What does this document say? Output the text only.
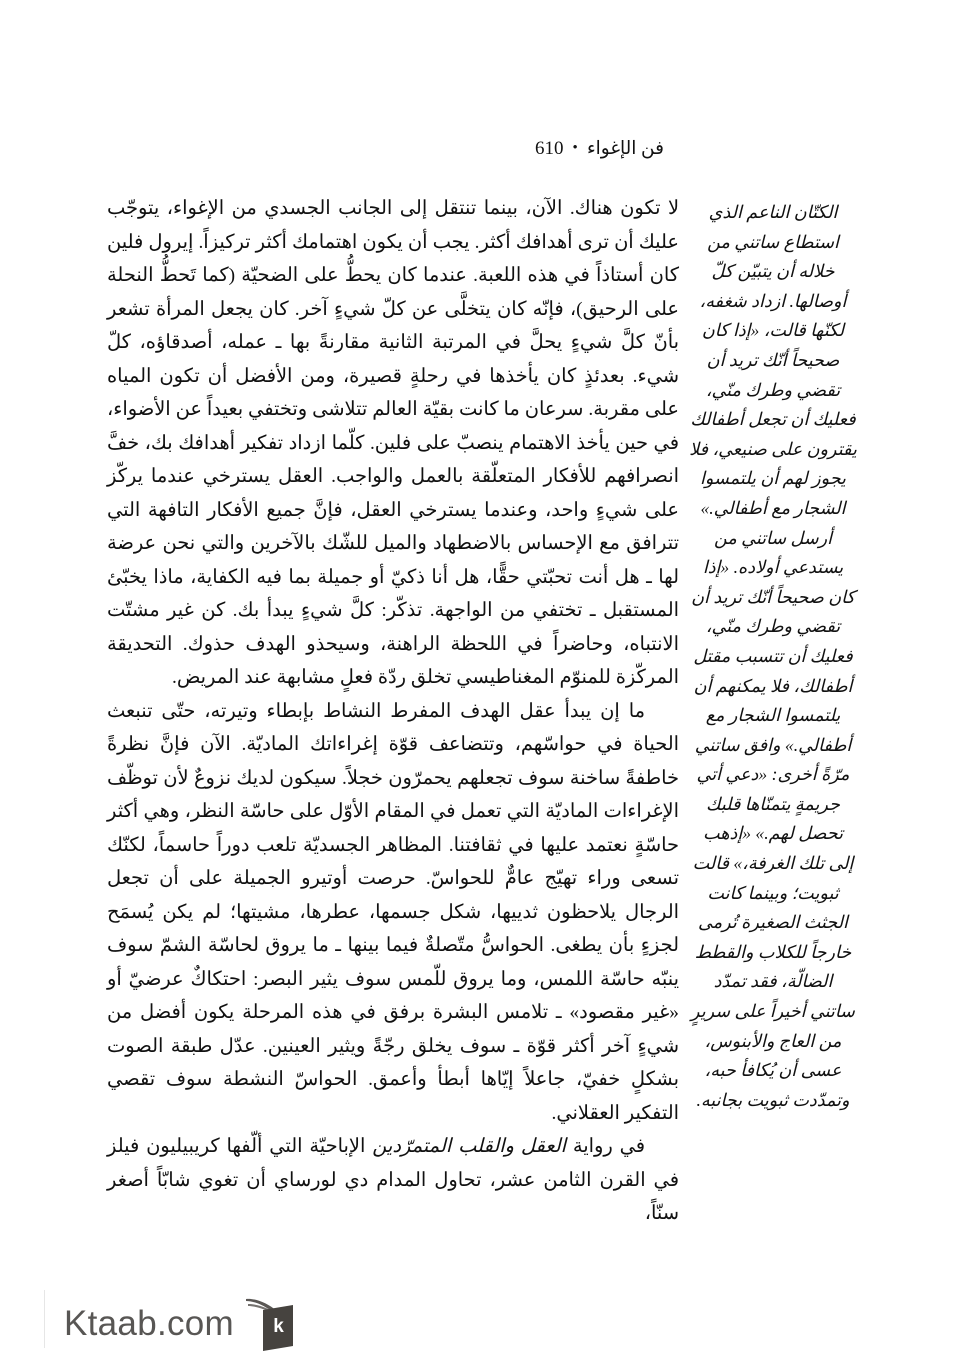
فن الإغواء•610

لا تكون هناك. الآن، بينما تنتقل إلى الجانب الجسدي من الإغواء، يتوجّب عليك أن ترى أهدافك أكثر. يجب أن يكون اهتمامك أكثر تركيزاً. إيرول فلين كان أستاذاً في هذه اللعبة. عندما كان يحطُّ على الضحيّة (كما تَحطُّ النحلة على الرحيق)، فإنّه كان يتخلَّى عن كلّ شيءٍ آخر. كان يجعل المرأة تشعر بأنّ كلَّ شيءٍ يحلَّ في المرتبة الثانية مقارنةً بها ـ عمله، أصدقاؤه، كلّ شيء. بعدئذٍ كان يأخذها في رحلةٍ قصيرة، ومن الأفضل أن تكون المياه على مقربة. سرعان ما كانت بقيّة العالم تتلاشى وتختفي بعيداً عن الأضواء، في حين يأخذ الاهتمام ينصبّ على فلين. كلّما ازداد تفكير أهدافك بك، خفَّ انصرافهم للأفكار المتعلّقة بالعمل والواجب. العقل يسترخي عندما يركّز على شيءٍ واحد، وعندما يسترخي العقل، فإنَّ جميع الأفكار التافهة التي تترافق مع الإحساس بالاضطهاد والميل للشّك بالآخرين والتي نحن عرضة لها ـ هل أنت تحبّتي حقًّا، هل أنا ذكيّ أو جميلة بما فيه الكفاية، ماذا يخبّئ المستقبل ـ تختفي من الواجهة. تذكّر: كلَّ شيءٍ يبدأ بك. كن غير مشتّت الانتباه، وحاضراً في اللحظة الراهنة، وسيحذو الهدف حذوك. التحديقة المركّزة للمنوّم المغناطيسي تخلق ردّة فعلٍ مشابهة عند المريض.

ما إن يبدأ عقل الهدف المفرط النشاط بإبطاء وتيرته، حتّى تنبعث الحياة في حواسّهم، وتتضاعف قوّة إغراءاتك الماديّة. الآن فإنَّ نظرةً خاطفةً ساخنة سوف تجعلهم يحمرّون خجلاً. سيكون لديك نزوعٌ لأن توظّف الإغراءات الماديّة التي تعمل في المقام الأوّل على حاسّة النظر، وهي أكثر حاسّةٍ نعتمد عليها في ثقافتنا. المظاهر الجسديّة تلعب دوراً حاسماً، لكنّك تسعى وراء تهيّج عامٌّ للحواسّ. حرصت أوتيرو الجميلة على أن تجعل الرجال يلاحظون ثدييها، شكل جسمها، عطرها، مشيتها؛ لم يكن يُسمَح لجزءٍ بأن يطغى. الحواسُّ متّصلةٌ فيما بينها ـ ما يروق لحاسّة الشمّ سوف ينبّه حاسّة اللمس، وما يروق للّمس سوف يثير البصر: احتكاكٌ عرضيّ أو «غير مقصود» ـ تلامس البشرة برفق في هذه المرحلة يكون أفضل من شيءٍ آخر أكثر قوّة ـ سوف يخلق رجّةً ويثير العينين. عدّل طبقة الصوت بشكلٍ خفيّ، جاعلاً إيّاها أبطأ وأعمق. الحواسّ النشطة سوف تقصي التفكير العقلاني.

في رواية العقل والقلب المتمرّدين الإباحيّة التي ألّفها كريبيليون فيلز في القرن الثامن عشر، تحاول المدام دي لورساي أن تغوي شابّاً أصغر سنّاً،

الكتّان الناعم الذي استطاع ساتني من خلاله أن يتبيّن كلّ أوصالها. ازداد شغفه، لكنّها قالت، «إذا كان صحيحاً أنّك تريد أن تقضي وطرك منّي، فعليك أن تجعل أطفالك يقترون على صنيعي، فلا يجوز لهم أن يلتمسوا الشجار مع أطفالي.» أرسل ساتني من يستدعي أولاده. «إذا كان صحيحاً أنّك تريد أن تقضي وطرك منّي، فعليك أن تتسبب مقتل أطفالك، فلا يمكنهم أن يلتمسوا الشجار مع أطفالي.» وافق ساتني مرّةً أخرى: «دعي أتي جريمةٍ يتمنّاها قلبك تحصل لهم.» «إذهب إلى تلك الغرفة،» قالت ثبويت؛ وبينما كانت الجثث الصغيرة تُرمى خارجاً للكلاب والقطط الضالّة، فقد تمدّد ساتني أخيراً على سريرٍ من العاج والأبنوس، عسى أن يُكافأ حبه، وتمدّدت ثبويت بجانبه.

k
Ktaab.com
